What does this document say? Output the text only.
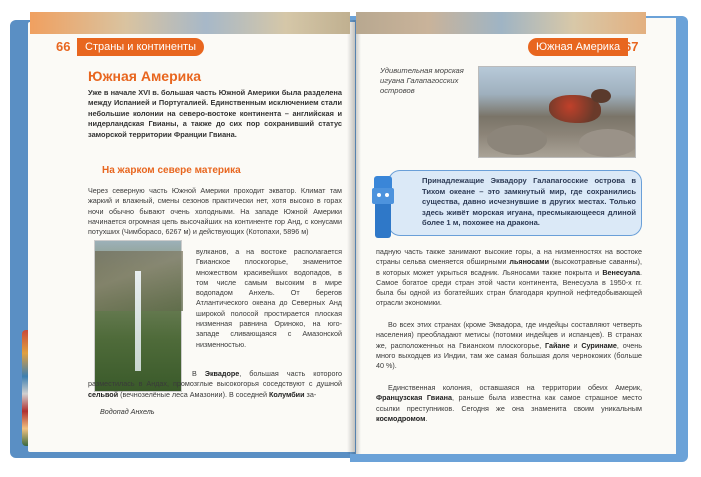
66	Страны и континенты	Южная Америка 67
Южная Америка
Уже в начале XVI в. большая часть Южной Америки была разделена между Испанией и Португалией. Единственным исключением стали небольшие колонии на северо-востоке континента – английская и нидерландская Гвианы, а также до сих пор сохранивший статус заморской территории Франции Гвиана.
На жарком севере материка
Через северную часть Южной Америки проходит экватор. Климат там жаркий и влажный, смены сезонов практически нет, хотя высоко в горах ночи обычно бывают очень холодными. На западе Южной Америки начинается огромная цепь высочайших на континенте гор Анд, с конусами потухших (Чимборасо, 6267 м) и действующих (Котопахи, 5896 м)
вулканов, а на востоке располагается Гвианское плоскогорье, знаменитое множеством красивейших водопадов, в том числе самым высоким в мире водопадом Анхель. От берегов Атлантического океана до Северных Анд широкой полосой простирается плоская низменная равнина Ориноко, на юго-западе сливающаяся с Амазонской низменностью.
В Эквадоре, большая часть которого разместилась в Андах, промозглые высокогорья соседствуют с душной сельвой (вечнозелёные леса Амазонии). В соседней Колумбии за-
Водопад Анхель
Удивительная морская игуана Галапагосских островов
Принадлежащие Эквадору Галапагосские острова в Тихом океане – это замкнутый мир, где сохранились существа, давно исчезнувшие в других местах. Только здесь живёт морская игуана, пресмыкающееся длиной более 1 м, похожее на дракона.
падную часть также занимают высокие горы, а на низменностях на востоке страны сельва сменяется обширными льяносами (высокотравные саванны), в которых может укрыться всадник. Льяносами также покрыта и Венесуэла. Самое богатое среди стран этой части континента, Венесуэла в 1950-х гг. была бы одной из богатейших стран благодаря крупной нефтедобывающей отрасли экономики.
Во всех этих странах (кроме Эквадора, где индейцы составляют четверть населения) преобладают метисы (потомки индейцев и испанцев). В странах же, расположенных на Гвианском плоскогорье, Гайане и Суринаме, очень много выходцев из Индии, там же самая большая доля чернокожих (больше 40 %).
Единственная колония, оставшаяся на территории обеих Америк, Французская Гвиана, раньше была известна как самое страшное место ссылки преступников. Сегодня же она знаменита своим уникальным космодромом.
